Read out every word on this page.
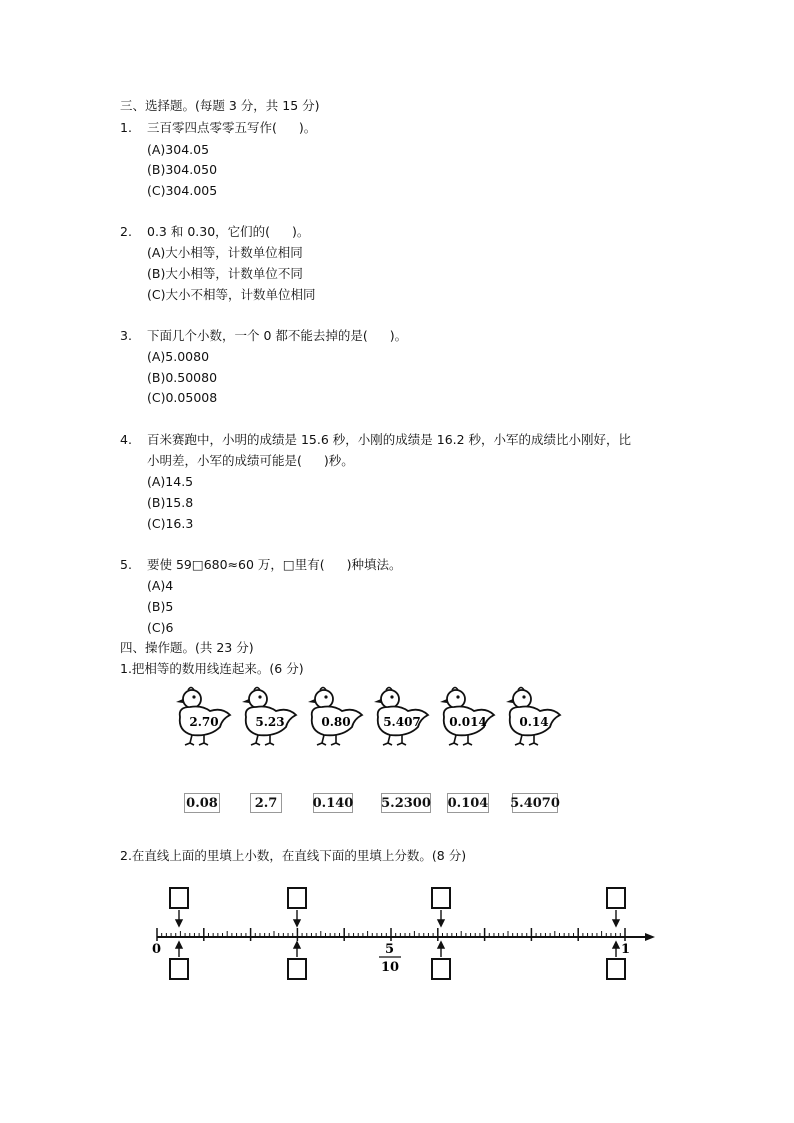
三、选择题。(每题 3 分，共 15 分)
1. 三百零四点零零五写作( )。
(A)304.05
(B)304.050
(C)304.005
2. 0.3 和 0.30，它们的( )。
(A)大小相等，计数单位相同
(B)大小相等，计数单位不同
(C)大小不相等，计数单位相同
3. 下面几个小数，一个 0 都不能去掉的是( )。
(A)5.0080
(B)0.50080
(C)0.05008
4. 百米赛跑中，小明的成绩是 15.6 秒，小刚的成绩是 16.2 秒，小军的成绩比小刚好，比
小明差，小军的成绩可能是( )秒。
(A)14.5
(B)15.8
(C)16.3
5. 要使 59□680≈60 万，□里有( )种填法。
(A)4
(B)5
(C)6
四、操作题。(共 23 分)
1.把相等的数用线连起来。(6 分)
2.70	5.23	0.80	5.407 0.014	0.14
0.08	2.7	0.140 5.2300 0.104 5.4070
2.在直线上面的里填上小数，在直线下面的里填上分数。(8 分)
0	1
5
10
